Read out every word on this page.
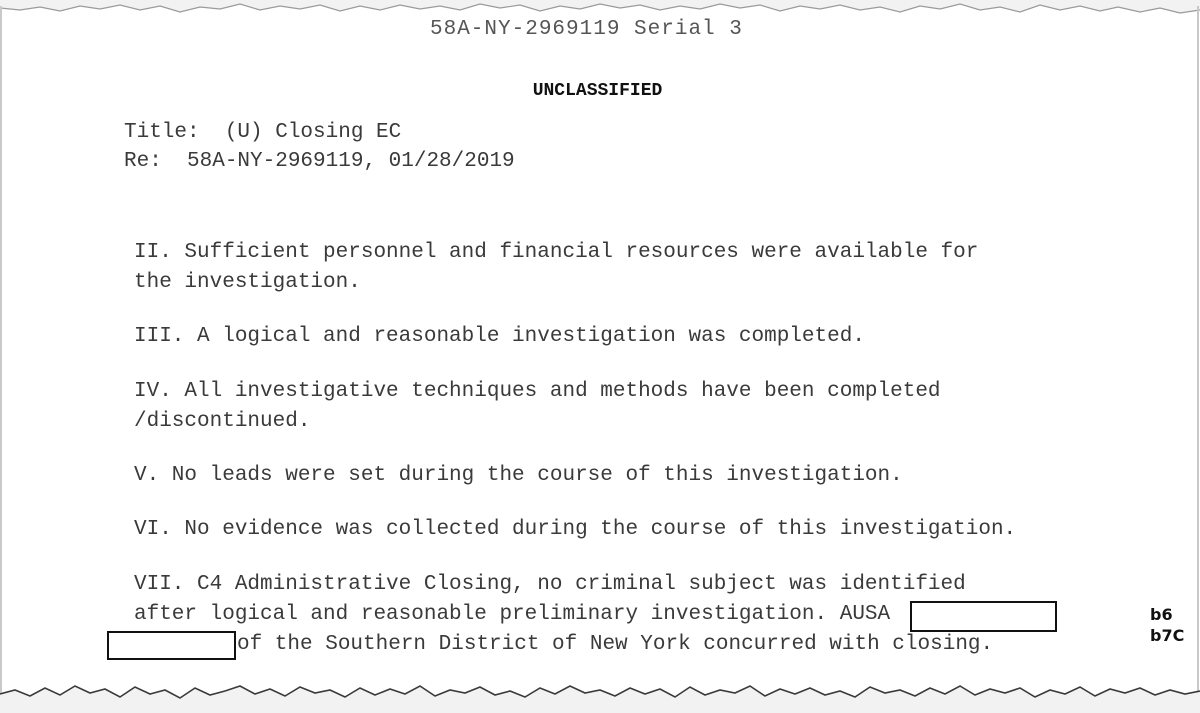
58A-NY-2969119 Serial 3
UNCLASSIFIED
Title:  (U) Closing EC
Re:  58A-NY-2969119, 01/28/2019
II. Sufficient personnel and financial resources were available for
the investigation.
III. A logical and reasonable investigation was completed.
IV. All investigative techniques and methods have been completed
/discontinued.
V. No leads were set during the course of this investigation.
VI. No evidence was collected during the course of this investigation.
VII. C4 Administrative Closing, no criminal subject was identified
after logical and reasonable preliminary investigation. AUSA
of the Southern District of New York concurred with closing.
b6
b7C
